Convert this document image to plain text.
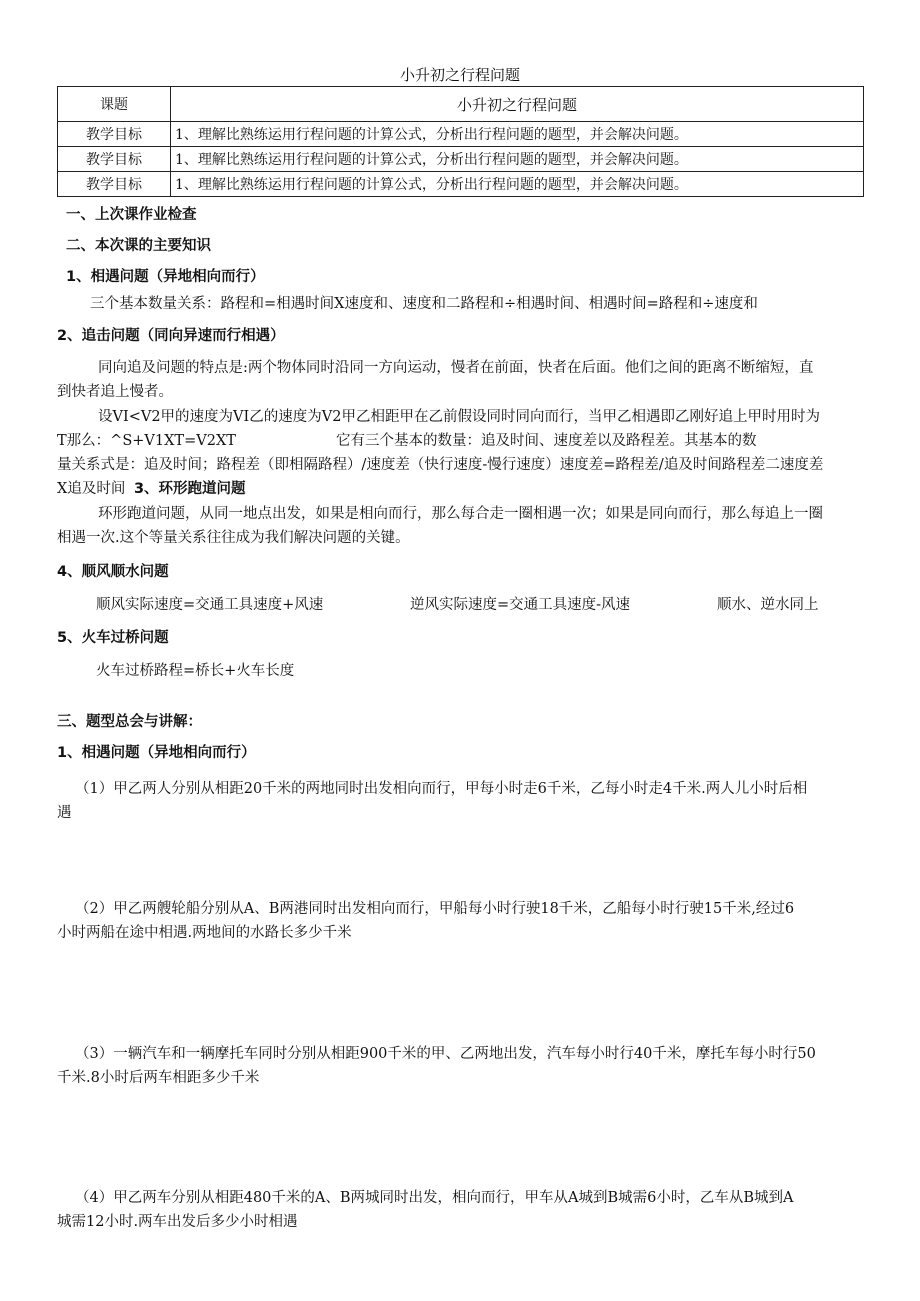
小升初之行程问题
课题	小升初之行程问题
教学目标	1、理解比熟练运用行程问题的计算公式，分析出行程问题的题型，并会解决问题。
教学目标	1、理解比熟练运用行程问题的计算公式，分析出行程问题的题型，并会解决问题。
教学目标	1、理解比熟练运用行程问题的计算公式，分析出行程问题的题型，并会解决问题。
一、上次课作业检查
二、本次课的主要知识
1、相遇问题（异地相向而行）
三个基本数量关系：路程和=相遇时间X速度和、速度和二路程和÷相遇时间、相遇时间=路程和÷速度和
2、追击问题（同向异速而行相遇）
同向追及问题的特点是:两个物体同时沿同一方向运动，慢者在前面，快者在后面。他们之间的距离不断缩短，直
到快者追上慢者。
设VI<V2甲的速度为VI乙的速度为V2甲乙相距甲在乙前假设同时同向而行，当甲乙相遇即乙刚好追上甲时用时为
T那么：^S+V1XT=V2XT	它有三个基本的数量：追及时间、速度差以及路程差。其基本的数
量关系式是：追及时间；路程差（即相隔路程）/速度差（快行速度-慢行速度）速度差=路程差/追及时间路程差二速度差
X追及时间 3、环形跑道问题
环形跑道问题，从同一地点出发，如果是相向而行，那么每合走一圈相遇一次；如果是同向而行，那么每追上一圈
相遇一次.这个等量关系往往成为我们解决问题的关键。
4、顺风顺水问题
顺风实际速度=交通工具速度+风速	逆风实际速度=交通工具速度-风速	顺水、逆水同上
5、火车过桥问题
火车过桥路程=桥长+火车长度
三、题型总会与讲解：
1、相遇问题（异地相向而行）
（1）甲乙两人分别从相距20千米的两地同时出发相向而行，甲每小时走6千米，乙每小时走4千米.两人儿小时后相
遇
（2）甲乙两艘轮船分别从A、B两港同时出发相向而行，甲船每小时行驶18千米，乙船每小时行驶15千米,经过6
小时两船在途中相遇.两地间的水路长多少千米
（3）一辆汽车和一辆摩托车同时分别从相距900千米的甲、乙两地出发，汽车每小时行40千米，摩托车每小时行50
千米.8小时后两车相距多少千米
（4）甲乙两车分别从相距480千米的A、B两城同时出发，相向而行，甲车从A城到B城需6小时，乙车从B城到A
城需12小时.两车出发后多少小时相遇
